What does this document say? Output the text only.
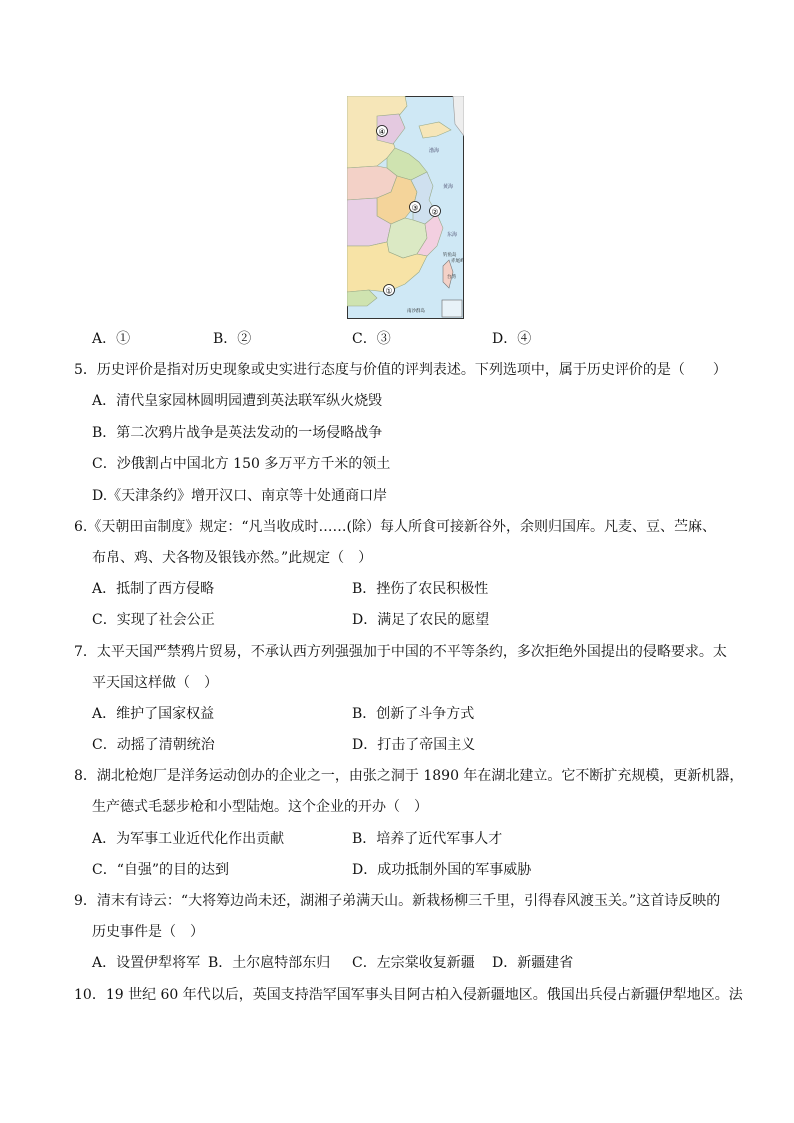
④
③ ②
①
渤海
黄海
东海
钓鱼岛
赤尾屿
台湾
南沙群岛
A．①	B．②	C．③	D．④
5．历史评价是指对历史现象或史实进行态度与价值的评判表述。下列选项中，属于历史评价的是（　　）
A．清代皇家园林圆明园遭到英法联军纵火烧毁
B．第二次鸦片战争是英法发动的一场侵略战争
C．沙俄割占中国北方 150 多万平方千米的领土
D.《天津条约》增开汉口、南京等十处通商口岸
6.《天朝田亩制度》规定：“凡当收成时……(除）每人所食可接新谷外，余则归国库。凡麦、豆、苎麻、
布帛、鸡、犬各物及银钱亦然。”此规定（　）
A．抵制了西方侵略	B．挫伤了农民积极性
C．实现了社会公正	D．满足了农民的愿望
7．太平天国严禁鸦片贸易，不承认西方列强强加于中国的不平等条约，多次拒绝外国提出的侵略要求。太
平天国这样做（　）
A．维护了国家权益	B．创新了斗争方式
C．动摇了清朝统治	D．打击了帝国主义
8．湖北枪炮厂是洋务运动创办的企业之一，由张之洞于 1890 年在湖北建立。它不断扩充规模，更新机器，
生产德式毛瑟步枪和小型陆炮。这个企业的开办（　）
A．为军事工业近代化作出贡献	B．培养了近代军事人才
C．“自强”的目的达到	D．成功抵制外国的军事威胁
9．清末有诗云：“大将筹边尚未还，湖湘子弟满天山。新栽杨柳三千里，引得春风渡玉关。”这首诗反映的
历史事件是（　）
A．设置伊犁将军 B．土尔扈特部东归 C．左宗棠收复新疆 D．新疆建省
10．19 世纪 60 年代以后，英国支持浩罕国军事头目阿古柏入侵新疆地区。俄国出兵侵占新疆伊犁地区。法
